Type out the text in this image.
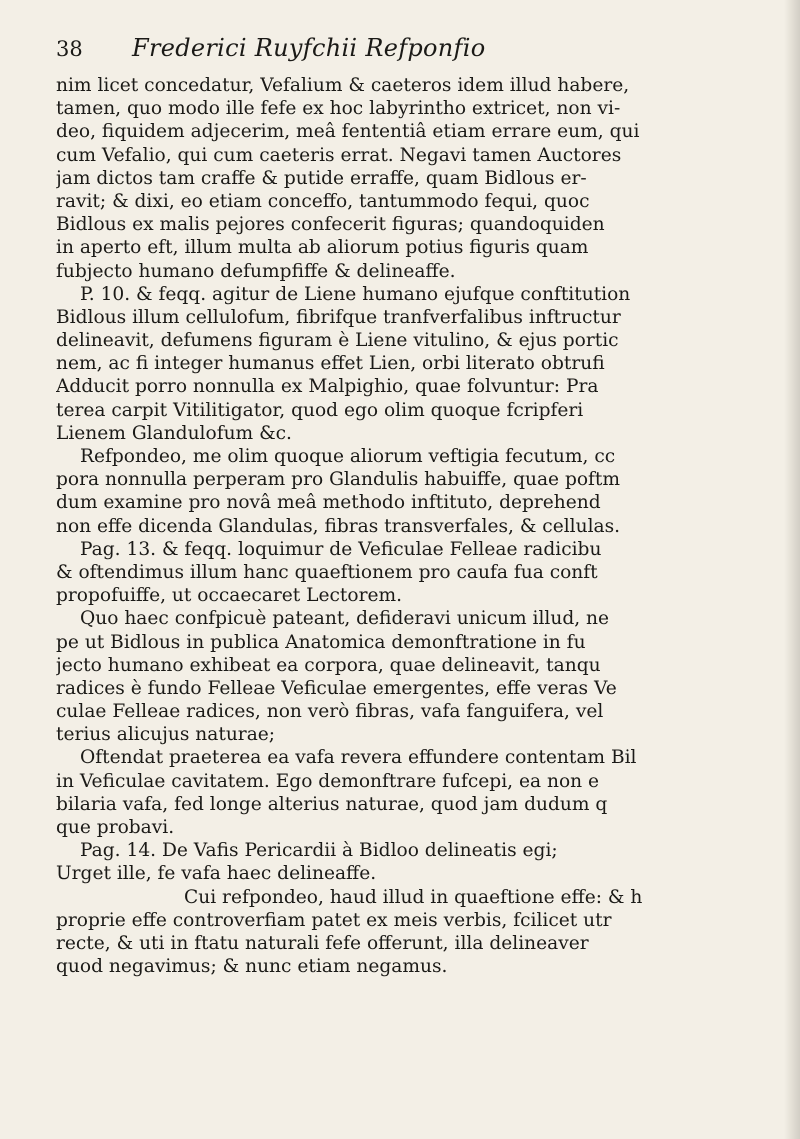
38	Frederici Ruyfchii Refponfio
nim licet concedatur, Vefalium & caeteros idem illud habere,
tamen, quo modo ille fefe ex hoc labyrintho extricet, non vi-
deo, fiquidem adjecerim, meâ fententiâ etiam errare eum, qui
cum Vefalio, qui cum caeteris errat. Negavi tamen Auctores
jam dictos tam craffe & putide erraffe, quam Bidlous er-
ravit; & dixi, eo etiam conceffo, tantummodo fequi, quoc
Bidlous ex malis pejores confecerit figuras; quandoquiden
in aperto eft, illum multa ab aliorum potius figuris quam
fubjecto humano defumpfiffe & delineaffe.
P. 10. & feqq. agitur de Liene humano ejufque conftitution
Bidlous illum cellulofum, fibrifque tranfverfalibus inftructur
delineavit, defumens figuram è Liene vitulino, & ejus portic
nem, ac fi integer humanus effet Lien, orbi literato obtrufi
Adducit porro nonnulla ex Malpighio, quae folvuntur: Pra
terea carpit Vitilitigator, quod ego olim quoque fcripferi
Lienem Glandulofum &c.
Refpondeo, me olim quoque aliorum veftigia fecutum, cc
pora nonnulla perperam pro Glandulis habuiffe, quae poftm
dum examine pro novâ meâ methodo inftituto, deprehend
non effe dicenda Glandulas, fibras transverfales, & cellulas.
Pag. 13. & feqq. loquimur de Veficulae Felleae radicibu
& oftendimus illum hanc quaeftionem pro caufa fua conft
propofuiffe, ut occaecaret Lectorem.
Quo haec confpicuè pateant, defideravi unicum illud, ne
pe ut Bidlous in publica Anatomica demonftratione in fu
jecto humano exhibeat ea corpora, quae delineavit, tanqu
radices è fundo Felleae Veficulae emergentes, effe veras Ve
culae Felleae radices, non verò fibras, vafa fanguifera, vel
terius alicujus naturae;
Oftendat praeterea ea vafa revera effundere contentam Bil
in Veficulae cavitatem. Ego demonftrare fufcepi, ea non e
bilaria vafa, fed longe alterius naturae, quod jam dudum q
que probavi.
Pag. 14. De Vafis Pericardii à Bidloo delineatis egi;
Urget ille, fe vafa haec delineaffe.
Cui refpondeo, haud illud in quaeftione effe: & h
proprie effe controverfiam patet ex meis verbis, fcilicet utr
recte, & uti in ftatu naturali fefe offerunt, illa delineaver
quod negavimus; & nunc etiam negamus.
